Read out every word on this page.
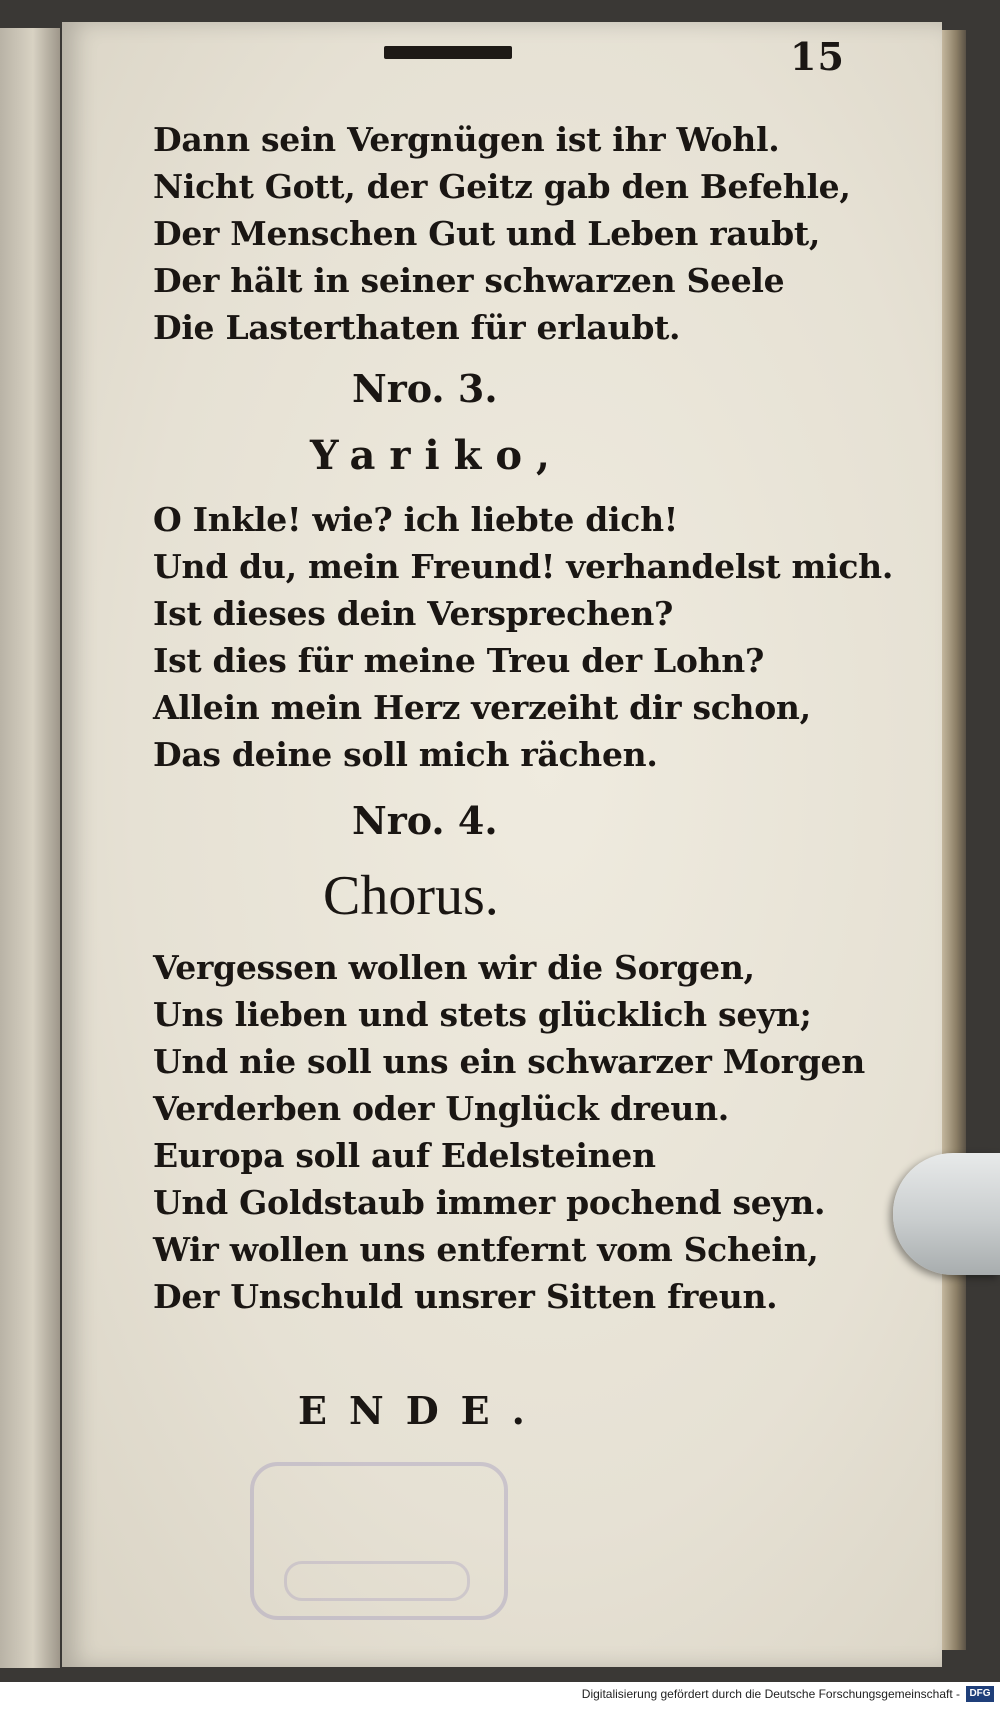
15
Dann sein Vergnügen ist ihr Wohl.
Nicht Gott, der Geitz gab den Befehle,
Der Menschen Gut und Leben raubt,
Der hält in seiner schwarzen Seele
Die Lasterthaten für erlaubt.
Nro. 3.
Yariko,
O Inkle! wie? ich liebte dich!
Und du, mein Freund! verhandelst mich.
Ist dieses dein Versprechen?
Ist dies für meine Treu der Lohn?
Allein mein Herz verzeiht dir schon,
Das deine soll mich rächen.
Nro. 4.
Chorus.
Vergessen wollen wir die Sorgen,
Uns lieben und stets glücklich seyn;
Und nie soll uns ein schwarzer Morgen
Verderben oder Unglück dreun.
Europa soll auf Edelsteinen
Und Goldstaub immer pochend seyn.
Wir wollen uns entfernt vom Schein,
Der Unschuld unsrer Sitten freun.
ENDE.
Digitalisierung gefördert durch die Deutsche Forschungsgemeinschaft - DFG
